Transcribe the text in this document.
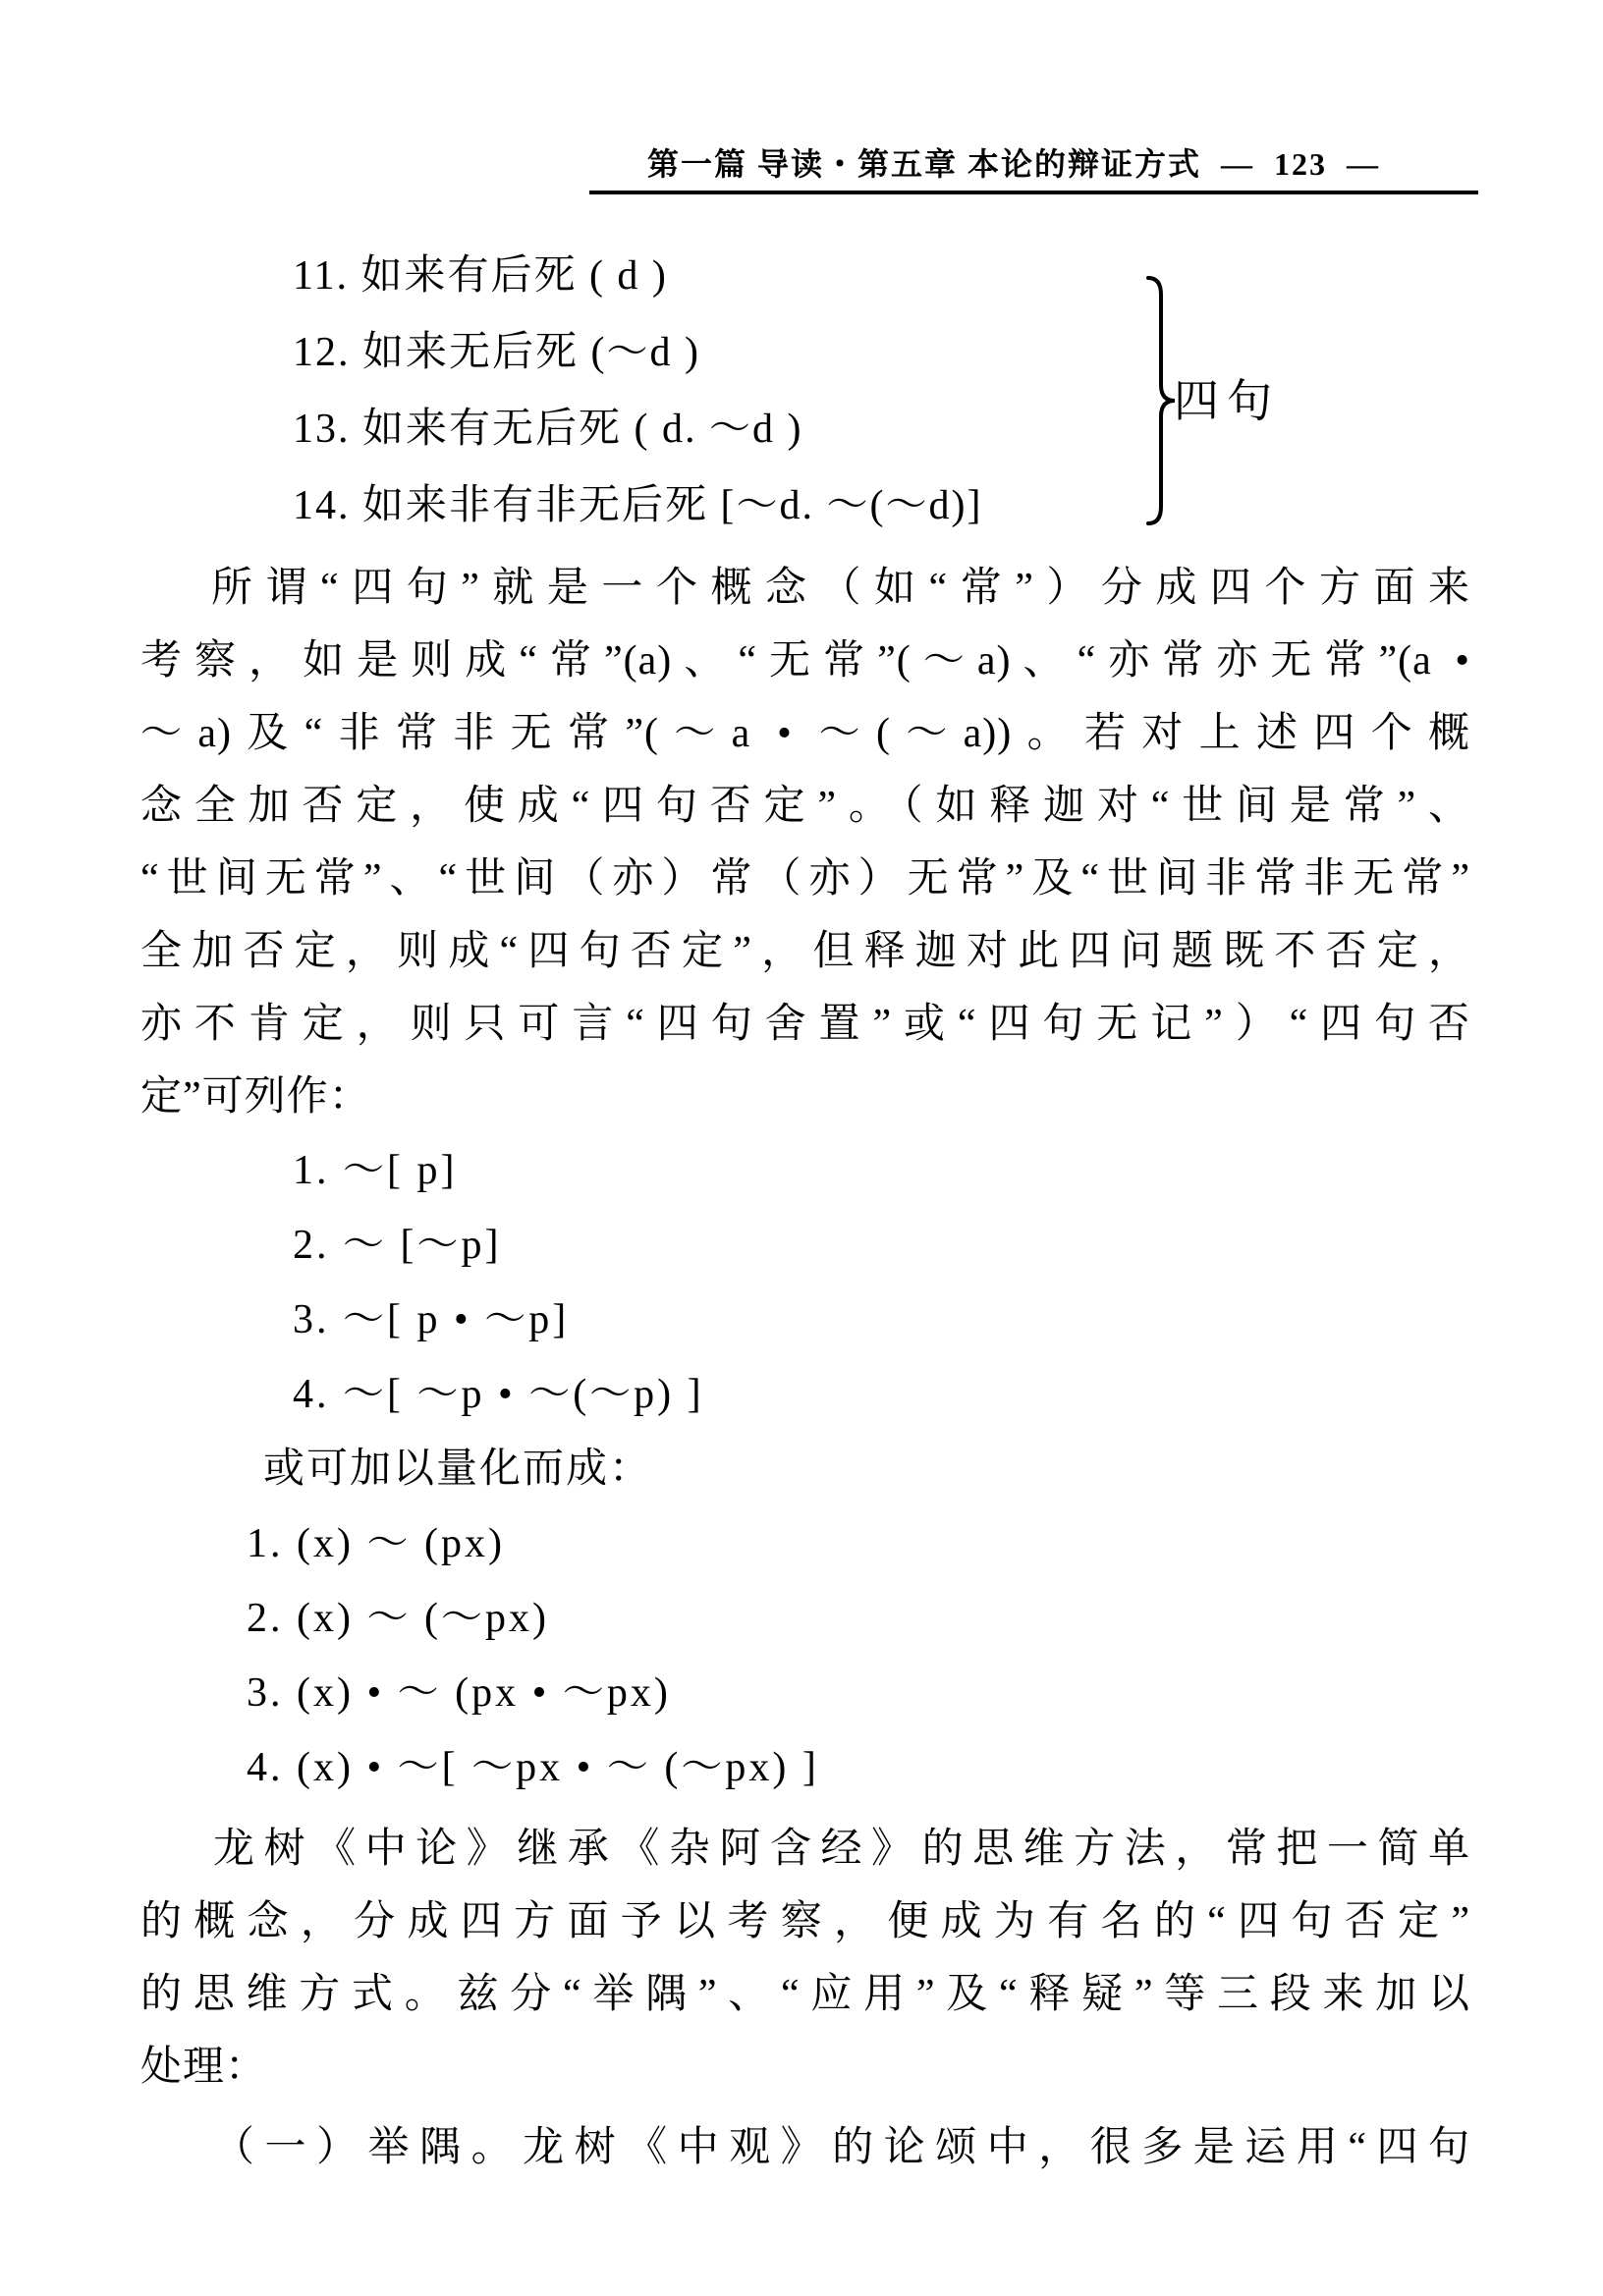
第一篇 导读・第五章 本论的辩证方式  —  123  —
11. 如来有后死 ( d )
12. 如来无后死 (～d )
13. 如来有无后死 ( d. ～d )
14. 如来非有非无后死 [～d. ～(～d)]
四句
所谓“四句”就是一个概念（如“常”）分成四个方面来
考察，如是则成“常”(a)、“无常”(～a)、“亦常亦无常”(a •
～a)及“非常非无常”(～a • ～(～a))。若对上述四个概
念全加否定，使成“四句否定”。（如释迦对“世间是常”、
“世间无常”、“世间（亦）常（亦）无常”及“世间非常非无常”
全加否定，则成“四句否定”，但释迦对此四问题既不否定，
亦不肯定，则只可言“四句舍置”或“四句无记”）“四句否
定”可列作：
1. ～[ p]
2. ～ [～p]
3. ～[ p • ～p]
4. ～[ ～p • ～(～p) ]
或可加以量化而成：
1. (x) ～ (px)
2. (x) ～ (～px)
3. (x) • ～ (px • ～px)
4. (x) • ～[ ～px • ～ (～px) ]
龙树《中论》继承《杂阿含经》的思维方法，常把一简单
的概念，分成四方面予以考察，便成为有名的“四句否定”
的思维方式。兹分“举隅”、“应用”及“释疑”等三段来加以
处理：
（一）举隅。龙树《中观》的论颂中，很多是运用“四句
